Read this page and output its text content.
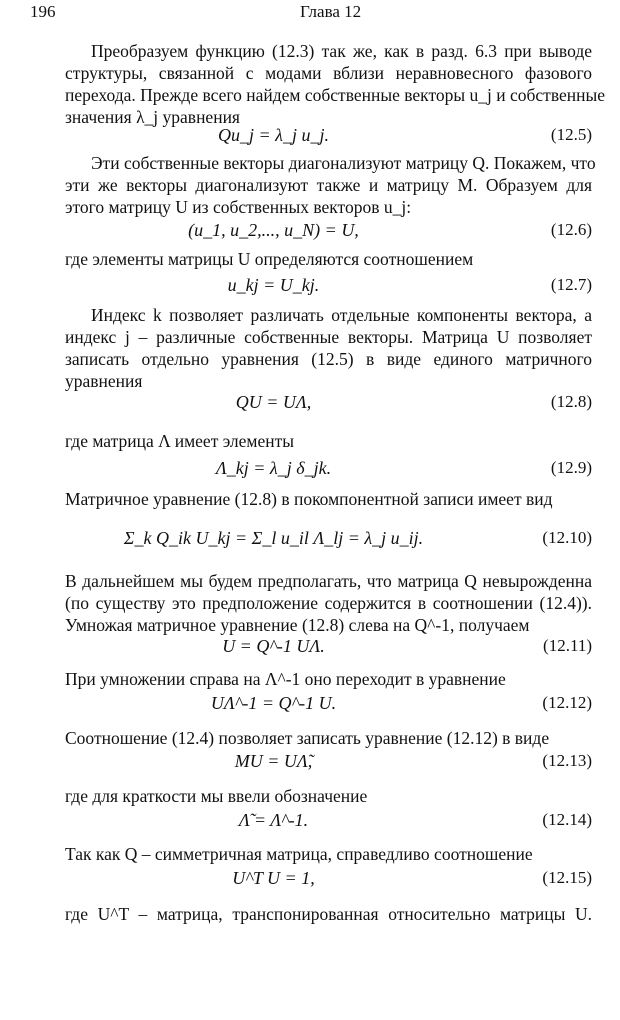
196	Глава 12
Преобразуем функцию (12.3) так же, как в разд. 6.3 при выводе
структуры, связанной с модами вблизи неравновесного фазового
перехода. Прежде всего найдем собственные векторы u_j и собственные
значения λ_j уравнения
Qu_j = λ_j u_j.	(12.5)
Эти собственные векторы диагонализуют матрицу Q. Покажем, что
эти же векторы диагонализуют также и матрицу M. Образуем для
этого матрицу U из собственных векторов u_j:
(u_1, u_2,..., u_N) = U,	(12.6)
где элементы матрицы U определяются соотношением
u_kj = U_kj.	(12.7)
Индекс k позволяет различать отдельные компоненты вектора, а
индекс j – различные собственные векторы. Матрица U позволяет
записать отдельно уравнения (12.5) в виде единого матричного
уравнения
QU = UΛ,	(12.8)
где матрица Λ имеет элементы
Λ_kj = λ_j δ_jk.	(12.9)
Матричное уравнение (12.8) в покомпонентной записи имеет вид
Σ_k Q_ik U_kj = Σ_l u_il Λ_lj = λ_j u_ij.	(12.10)
В дальнейшем мы будем предполагать, что матрица Q невырожденна
(по существу это предположение содержится в соотношении (12.4)).
Умножая матричное уравнение (12.8) слева на Q^-1, получаем
U = Q^-1 UΛ.	(12.11)
При умножении справа на Λ^-1 оно переходит в уравнение
UΛ^-1 = Q^-1 U.	(12.12)
Соотношение (12.4) позволяет записать уравнение (12.12) в виде
MU = UΛ̃,	(12.13)
где для краткости мы ввели обозначение
Λ̃ = Λ^-1.	(12.14)
Так как Q – симметричная матрица, справедливо соотношение
U^T U = 1,	(12.15)
где U^T – матрица, транспонированная относительно матрицы U.
